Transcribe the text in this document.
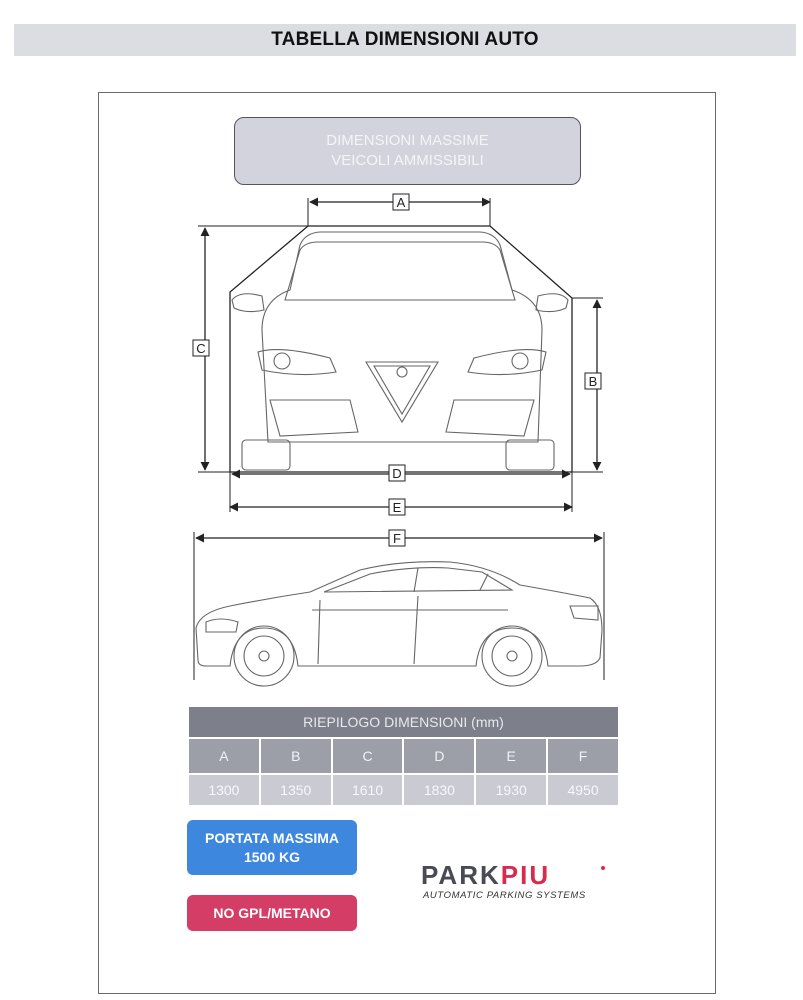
TABELLA DIMENSIONI AUTO
DIMENSIONI MASSIME
VEICOLI AMMISSIBILI
A
C
B
D
E
F
RIEPILOGO DIMENSIONI (mm)					
A	B	C	D	E	F
1300	1350	1610	1830	1930	4950
PORTATA MASSIMA
1500 KG
NO GPL/METANO
PARKPIU
AUTOMATIC PARKING SYSTEMS
